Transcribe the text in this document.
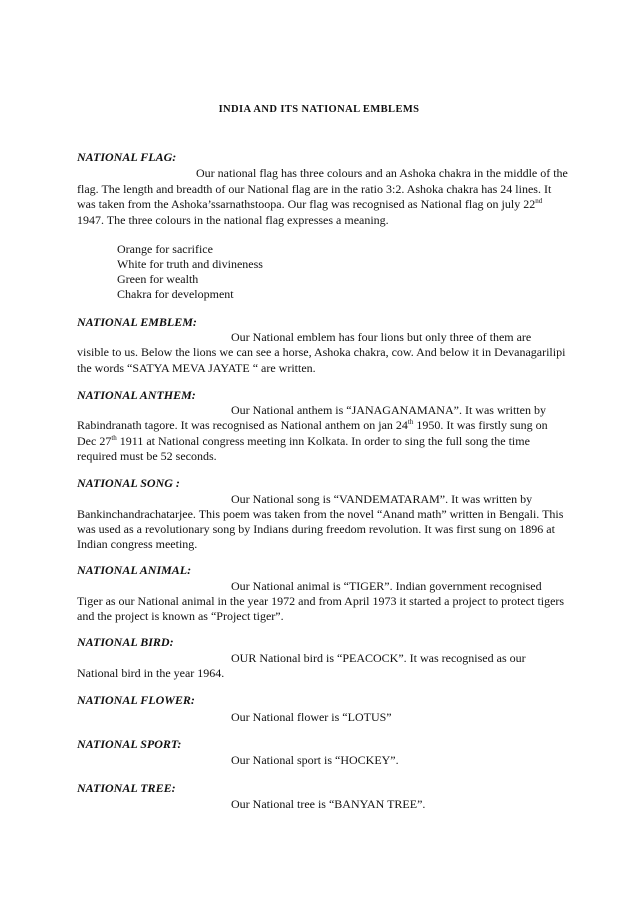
INDIA AND ITS NATIONAL EMBLEMS
NATIONAL FLAG:
Our national flag has three colours and an Ashoka chakra in the middle of the
flag. The length and breadth of our National flag are in the ratio 3:2. Ashoka chakra has 24 lines. It
was taken from the Ashoka’ssarnathstoopa. Our flag was recognised as National flag on july 22nd
1947. The three colours in the national flag expresses a meaning.
Orange for sacrifice
White for truth and divineness
Green for wealth
Chakra for development
NATIONAL EMBLEM:
Our National emblem has four lions but only three of them are
visible to us. Below the lions we can see a horse, Ashoka chakra, cow. And below it in Devanagarilipi
the words “SATYA MEVA JAYATE “ are written.
NATIONAL ANTHEM:
Our National anthem is “JANAGANAMANA”. It was written by
Rabindranath tagore. It was recognised as National anthem on jan 24th 1950. It was firstly sung on
Dec 27th 1911 at National congress meeting inn Kolkata. In order to sing the full song the time
required must be 52 seconds.
NATIONAL SONG :
Our National song is “VANDEMATARAM”. It was written by
Bankinchandrachatarjee. This poem was taken from the novel “Anand math” written in Bengali. This
was used as a revolutionary song by Indians during freedom revolution. It was first sung on 1896 at
Indian congress meeting.
NATIONAL ANIMAL:
Our National animal is “TIGER”. Indian government recognised
Tiger as our National animal in the year 1972 and from April 1973 it started a project to protect tigers
and the project is known as “Project tiger”.
NATIONAL BIRD:
OUR National bird is “PEACOCK”. It was recognised as our
National bird in the year 1964.
NATIONAL FLOWER:
Our National flower is “LOTUS”
NATIONAL SPORT:
Our National sport is “HOCKEY”.
NATIONAL TREE:
Our National tree is “BANYAN TREE”.
